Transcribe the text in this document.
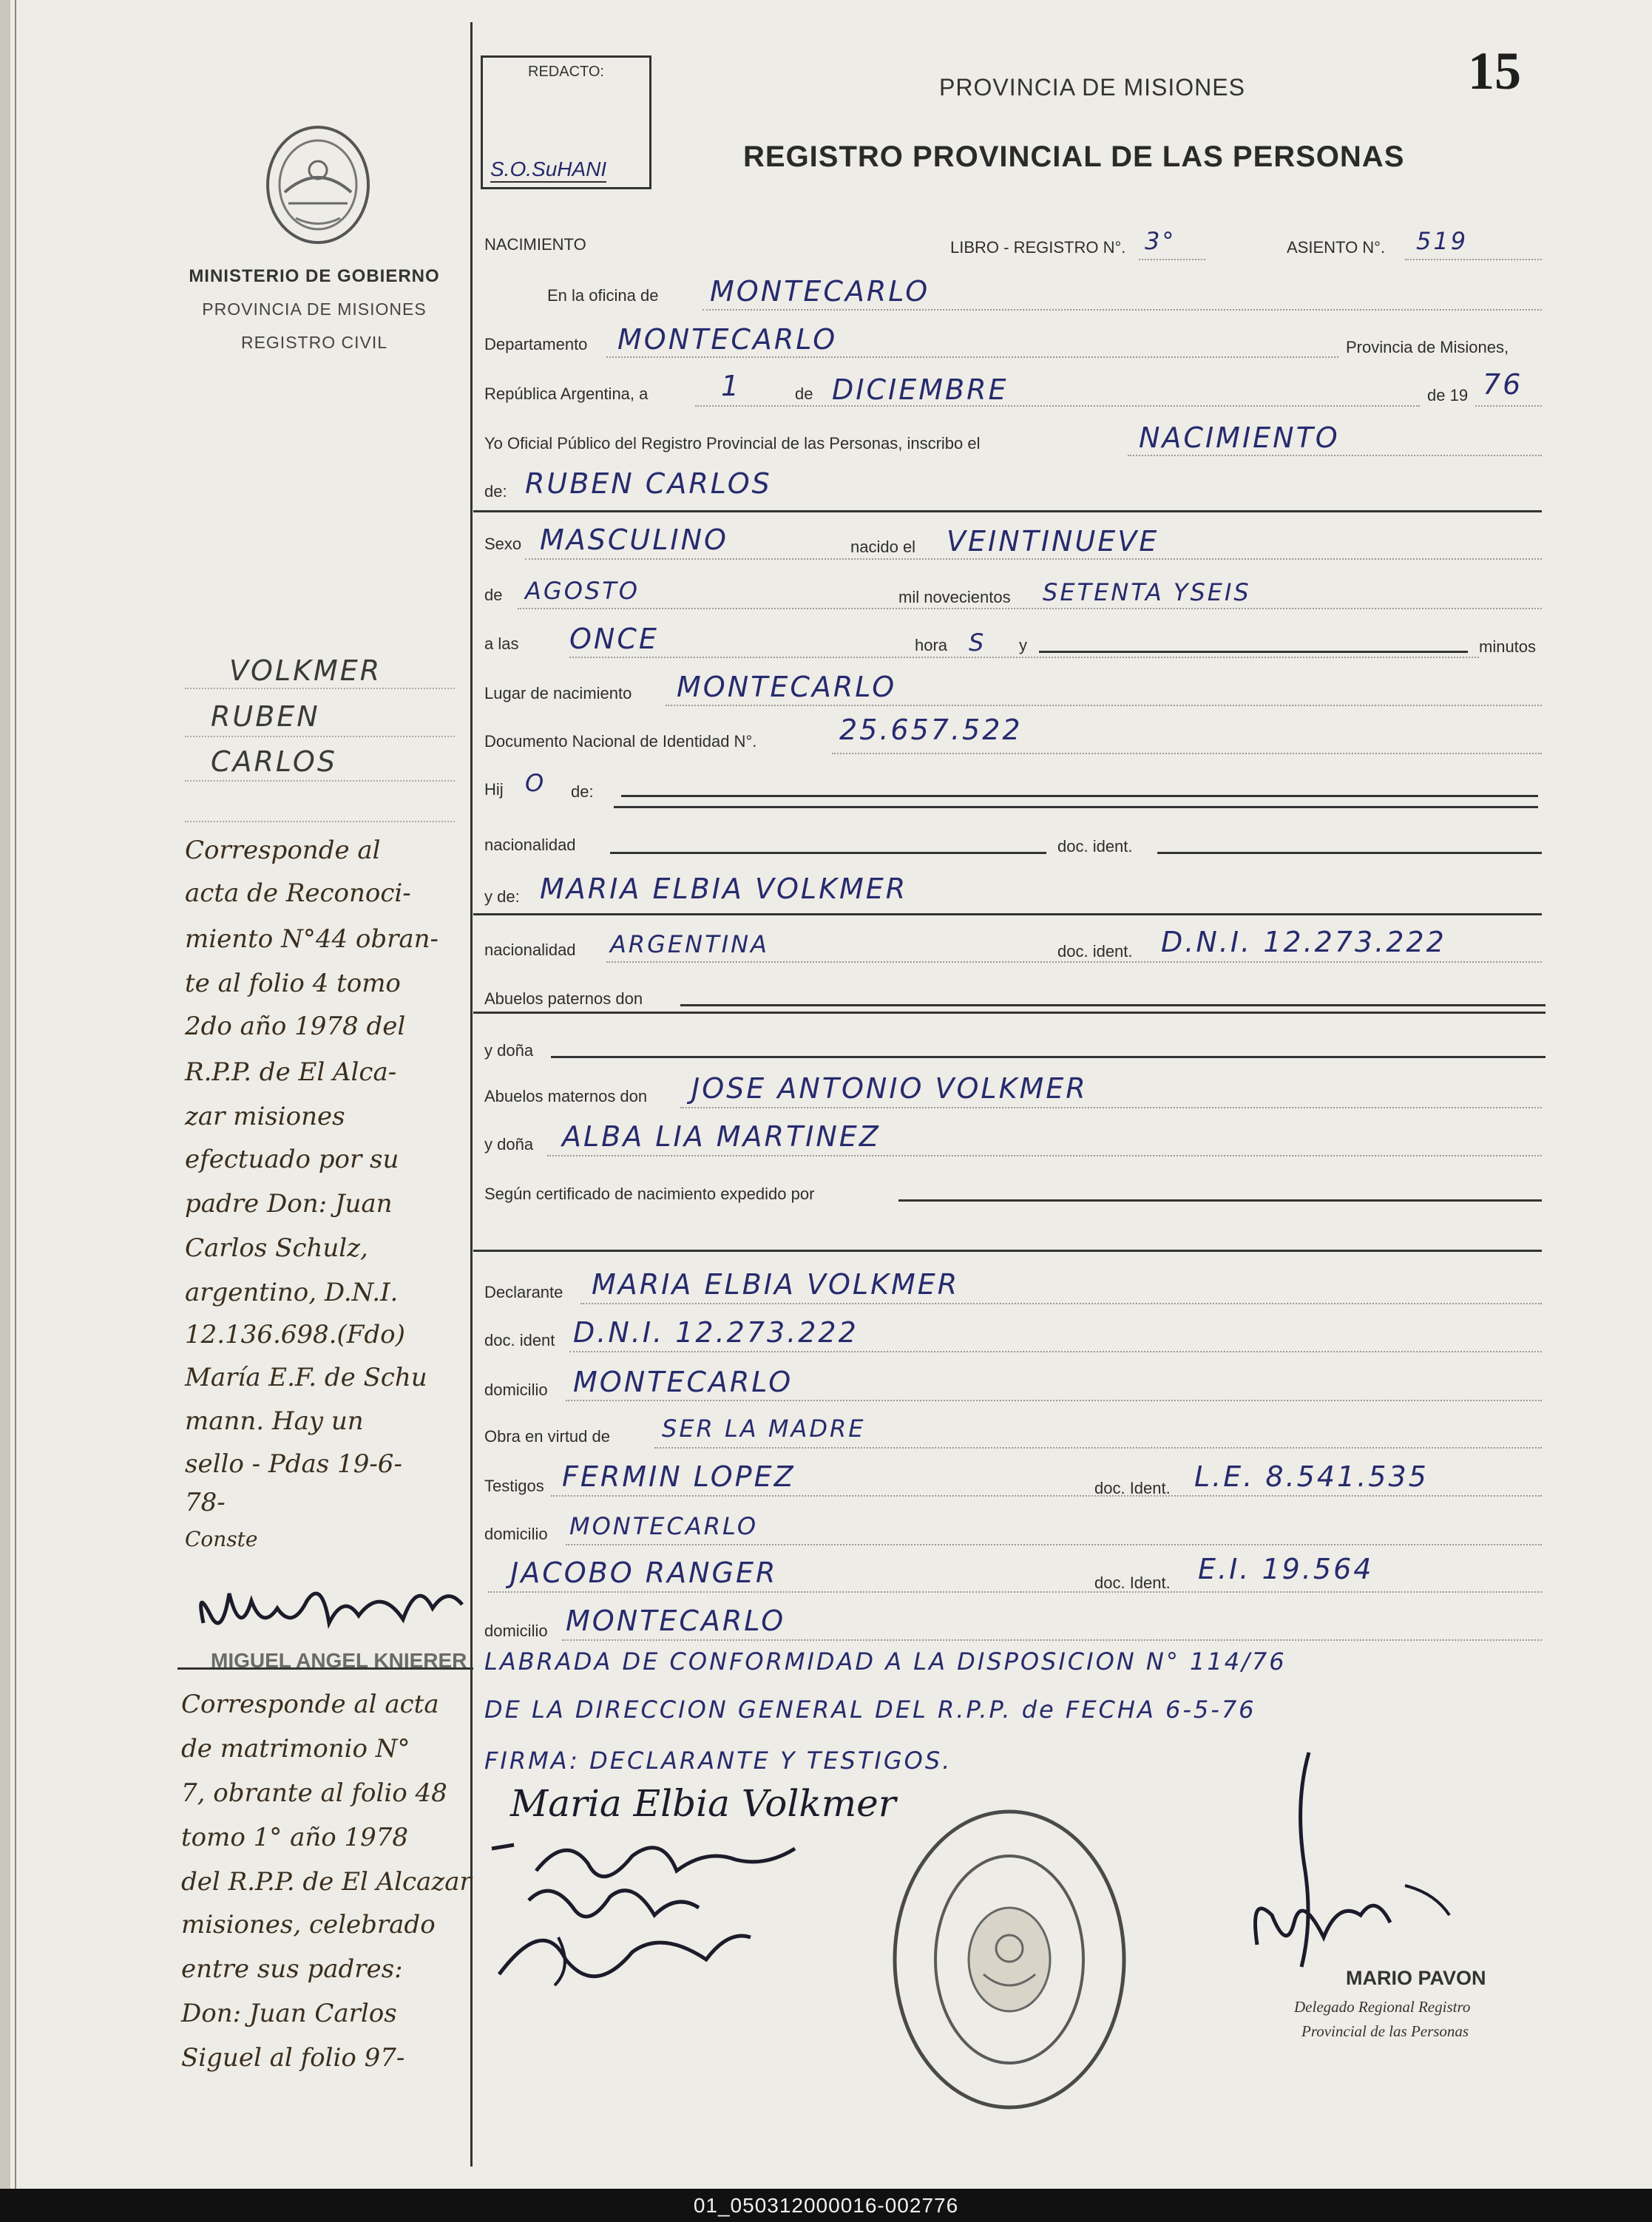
15
REDACTO:
S.O.SuHANI
PROVINCIA DE MISIONES
REGISTRO PROVINCIAL DE LAS PERSONAS
MINISTERIO DE GOBIERNO
PROVINCIA DE MISIONES
REGISTRO CIVIL
NACIMIENTO	LIBRO - REGISTRO N°. 3°	ASIENTO N°. 519
En la oficina de MONTECARLO
Departamento MONTECARLO	Provincia de Misiones,
República Argentina, a	1	de DICIEMBRE	de 19 76
Yo Oficial Público del Registro Provincial de las Personas, inscribo el	NACIMIENTO
de: RUBEN CARLOS
Sexo MASCULINO	nacido el VEINTINUEVE
de AGOSTO	mil novecientos SETENTA YSEIS
a las ONCE	hora S y	minutos
Lugar de nacimiento MONTECARLO
Documento Nacional de Identidad N°.	25.657.522
Hij O de:
nacionalidad	doc. ident.
y de: MARIA ELBIA VOLKMER
nacionalidad ARGENTINA	doc. ident. D.N.I. 12.273.222
Abuelos paternos don
y doña
Abuelos maternos don JOSE ANTONIO VOLKMER
y doña ALBA LIA MARTINEZ
Según certificado de nacimiento expedido por
Declarante MARIA ELBIA VOLKMER
doc. ident D.N.I. 12.273.222
domicilio MONTECARLO
Obra en virtud de SER LA MADRE
Testigos FERMIN LOPEZ	doc. Ident. L.E. 8.541.535
domicilio MONTECARLO
JACOBO RANGER	doc. Ident. E.I. 19.564
domicilio MONTECARLO
LABRADA DE CONFORMIDAD A LA DISPOSICION N° 114/76
DE LA DIRECCION GENERAL DEL R.P.P. de FECHA 6-5-76
FIRMA: DECLARANTE Y TESTIGOS.
Maria Elbia Volkmer
MARIO PAVON
Delegado Regional Registro
Provincial de las Personas
VOLKMER
RUBEN
CARLOS
Corresponde al
acta de Reconoci-
miento N°44 obran-
te al folio 4 tomo
2do año 1978 del
R.P.P. de El Alca-
zar misiones
efectuado por su
padre Don: Juan
Carlos Schulz,
argentino, D.N.I.
12.136.698.(Fdo)
María E.F. de Schu
mann. Hay un
sello - Pdas 19-6-
78-
Conste
MIGUEL ANGEL KNIERER
Corresponde al acta
de matrimonio N°
7, obrante al folio 48
tomo 1° año 1978
del R.P.P. de El Alcazar
misiones, celebrado
entre sus padres:
Don: Juan Carlos
Siguel al folio 97-
01_050312000016-002776
